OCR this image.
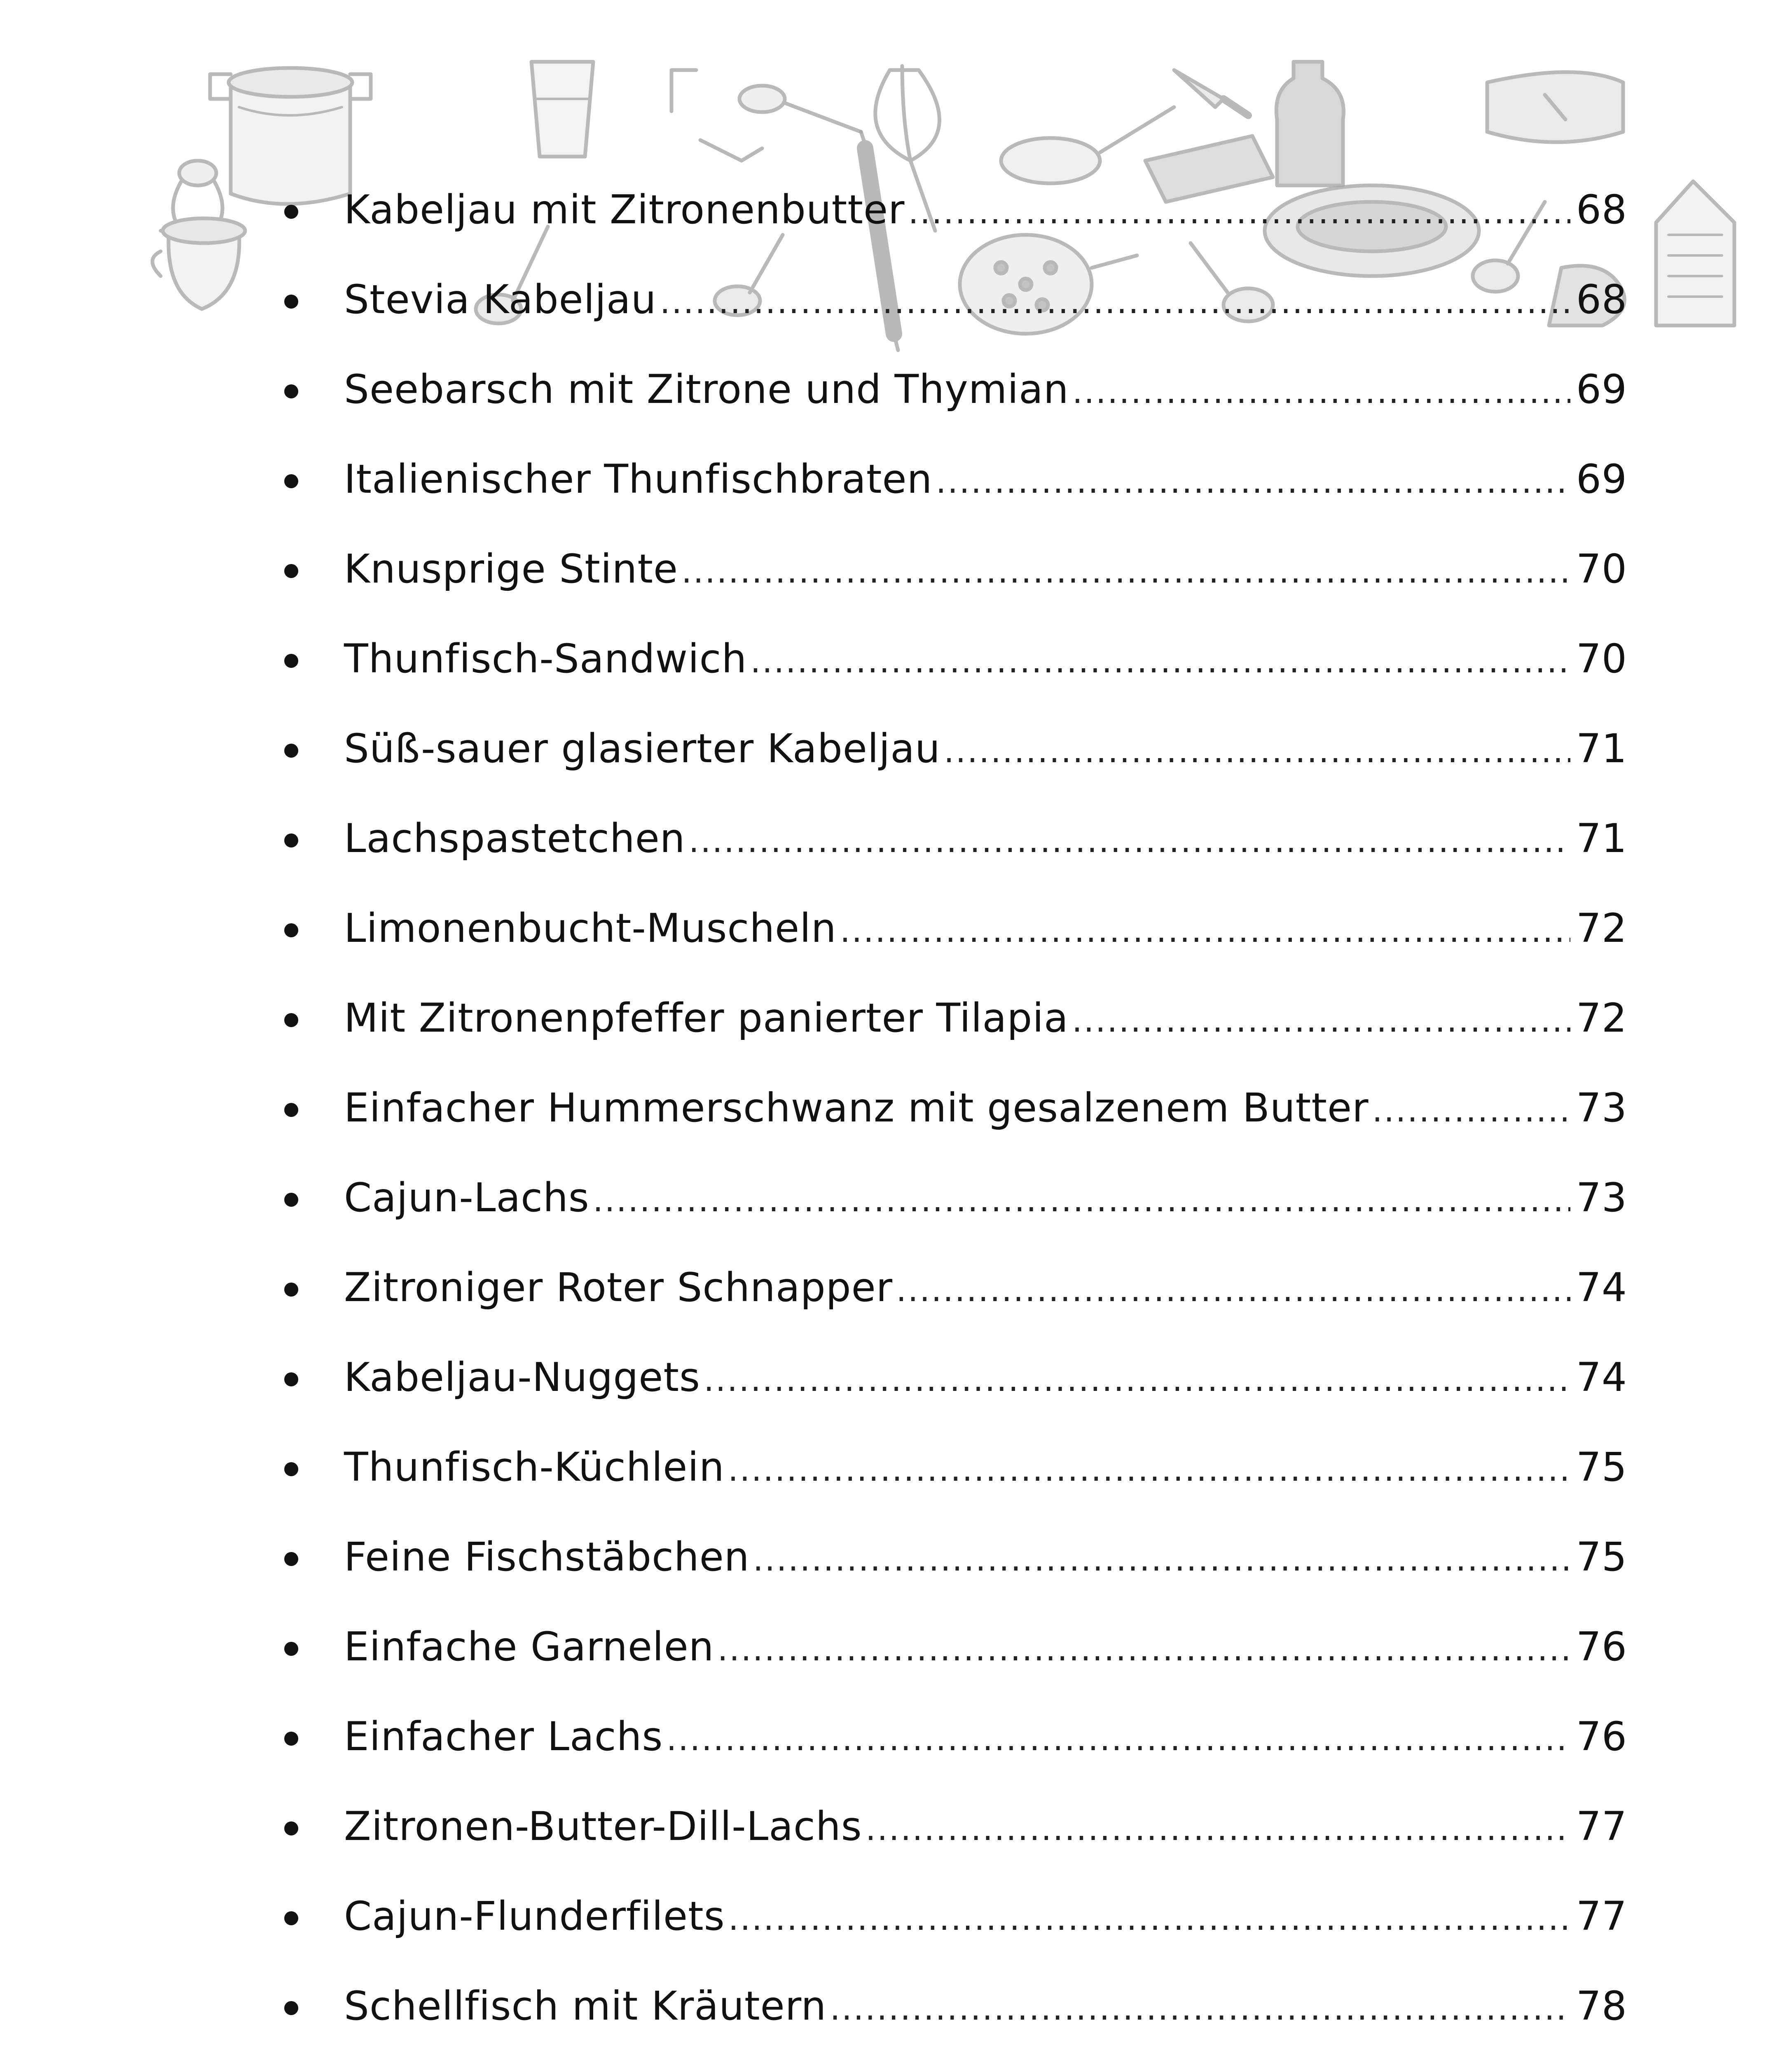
Kabeljau mit Zitronenbutter .....	68
Stevia Kabeljau .....	68
Seebarsch mit Zitrone und Thymian .....	69
Italienischer Thunfischbraten .....	69
Knusprige Stinte .....	70
Thunfisch-Sandwich .....	70
Süß-sauer glasierter Kabeljau .....	71
Lachspastetchen .....	71
Limonenbucht-Muscheln .....	72
Mit Zitronenpfeffer panierter Tilapia .....	72
Einfacher Hummerschwanz mit gesalzenem Butter .....	73
Cajun-Lachs .....	73
Zitroniger Roter Schnapper .....	74
Kabeljau-Nuggets .....	74
Thunfisch-Küchlein .....	75
Feine Fischstäbchen .....	75
Einfache Garnelen .....	76
Einfacher Lachs .....	76
Zitronen-Butter-Dill-Lachs .....	77
Cajun-Flunderfilets .....	77
Schellfisch mit Kräutern .....	78
